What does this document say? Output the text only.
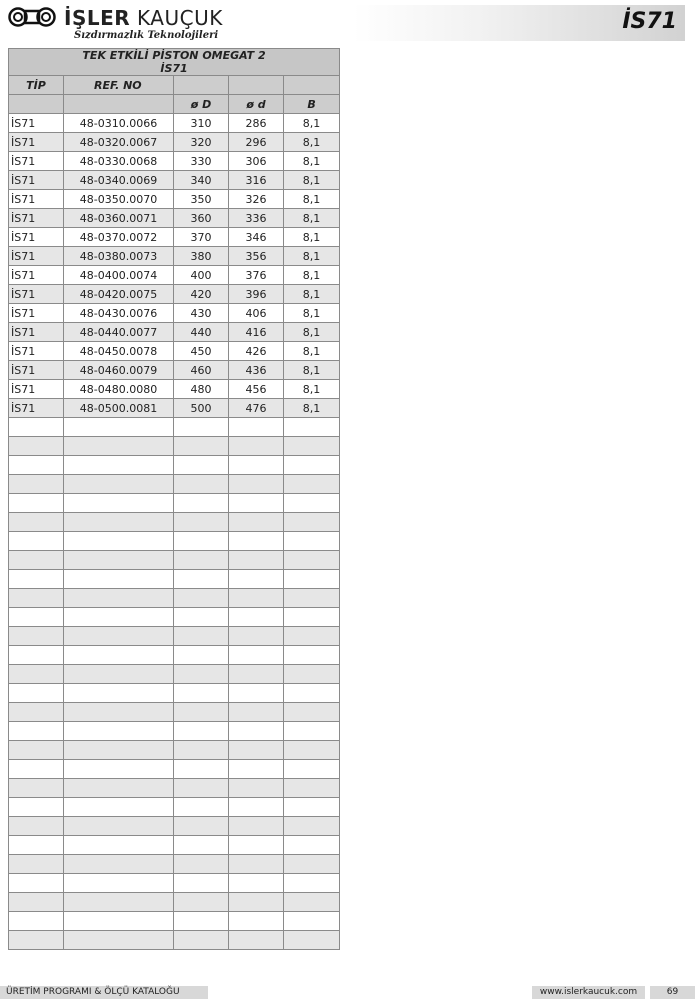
İŞLER KAUÇUK
Sızdırmazlık Teknolojileri
İS71
TEK ETKİLİ PİSTON OMEGAT 2
İS71				

TİP	REF. NO			
		ø D	ø d	B
İS71	48-0310.0066	310	286	8,1
İS71	48-0320.0067	320	296	8,1
İS71	48-0330.0068	330	306	8,1
İS71	48-0340.0069	340	316	8,1
İS71	48-0350.0070	350	326	8,1
İS71	48-0360.0071	360	336	8,1
İS71	48-0370.0072	370	346	8,1
İS71	48-0380.0073	380	356	8,1
İS71	48-0400.0074	400	376	8,1
İS71	48-0420.0075	420	396	8,1
İS71	48-0430.0076	430	406	8,1
İS71	48-0440.0077	440	416	8,1
İS71	48-0450.0078	450	426	8,1
İS71	48-0460.0079	460	436	8,1
İS71	48-0480.0080	480	456	8,1
İS71	48-0500.0081	500	476	8,1

ÜRETİM PROGRAMI & ÖLÇÜ KATALOĞU	www.islerkaucuk.com	69
